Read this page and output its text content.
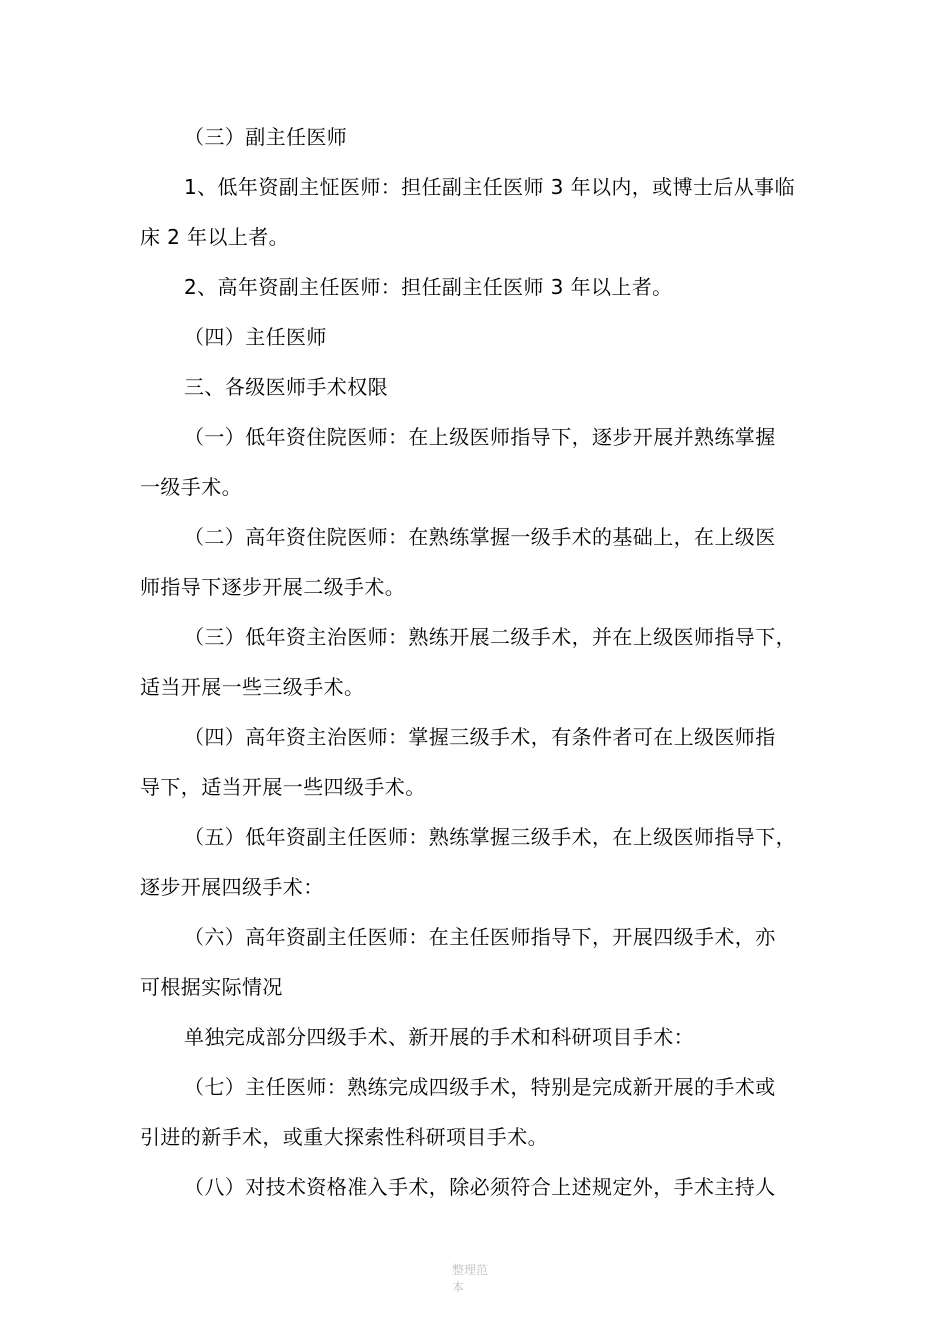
（三）副主任医师
1、低年资副主怔医师：担任副主任医师 3 年以内，或博士后从事临
床 2 年以上者。
2、高年资副主任医师：担任副主任医师 3 年以上者。
（四）主任医师
三、各级医师手术权限
（一）低年资住院医师：在上级医师指导下，逐步开展并熟练掌握
一级手术。
（二）高年资住院医师：在熟练掌握一级手术的基础上，在上级医
师指导下逐步开展二级手术。
（三）低年资主治医师：熟练开展二级手术，并在上级医师指导下，
适当开展一些三级手术。
（四）高年资主治医师：掌握三级手术，有条件者可在上级医师指
导下，适当开展一些四级手术。
（五）低年资副主任医师：熟练掌握三级手术，在上级医师指导下，
逐步开展四级手术：
（六）高年资副主任医师：在主任医师指导下，开展四级手术，亦
可根据实际情况
单独完成部分四级手术、新开展的手术和科研项目手术：
（七）主任医师：熟练完成四级手术，特别是完成新开展的手术或
引进的新手术，或重大探索性科研项目手术。
（八）对技术资格准入手术，除必须符合上述规定外，手术主持人
整理范本
